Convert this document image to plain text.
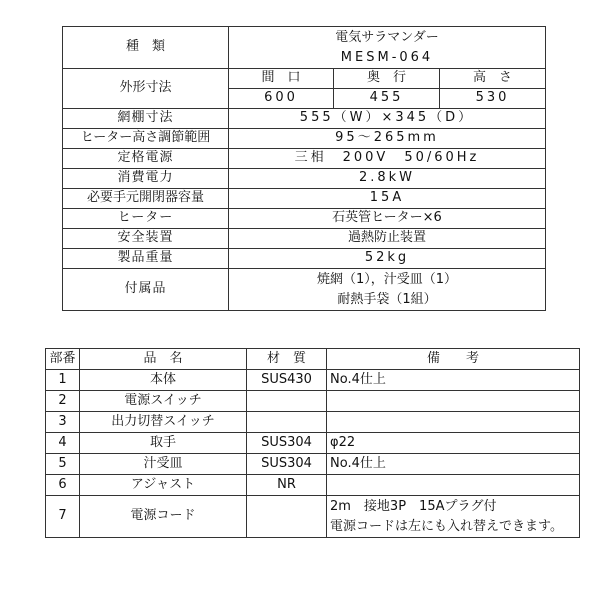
種　類	電気サラマンダー
MESM-064		

外形寸法	間　口	奥　行	高　さ
	600	455	530
網棚寸法	555（W）×345（D）		
ヒーター高さ調節範囲	95〜265mm		
定格電源	三相　200V　50/60Hz		
消費電力	2.8kW		
必要手元開閉器容量	15A		
ヒーター	石英管ヒーター×6		
安全装置	過熱防止装置		
製品重量	52kg		
付属品	焼網（1），汁受皿（1）
耐熱手袋（1組）		
部番	品　名	材　質	備　　考
1	本体	SUS430	No.4仕上
2	電源スイッチ		
3	出力切替スイッチ		
4	取手	SUS304	φ22
5	汁受皿	SUS304	No.4仕上
6	アジャスト	NR	
7	電源コード		2m　接地3P　15Aプラグ付
電源コードは左にも入れ替えできます。
